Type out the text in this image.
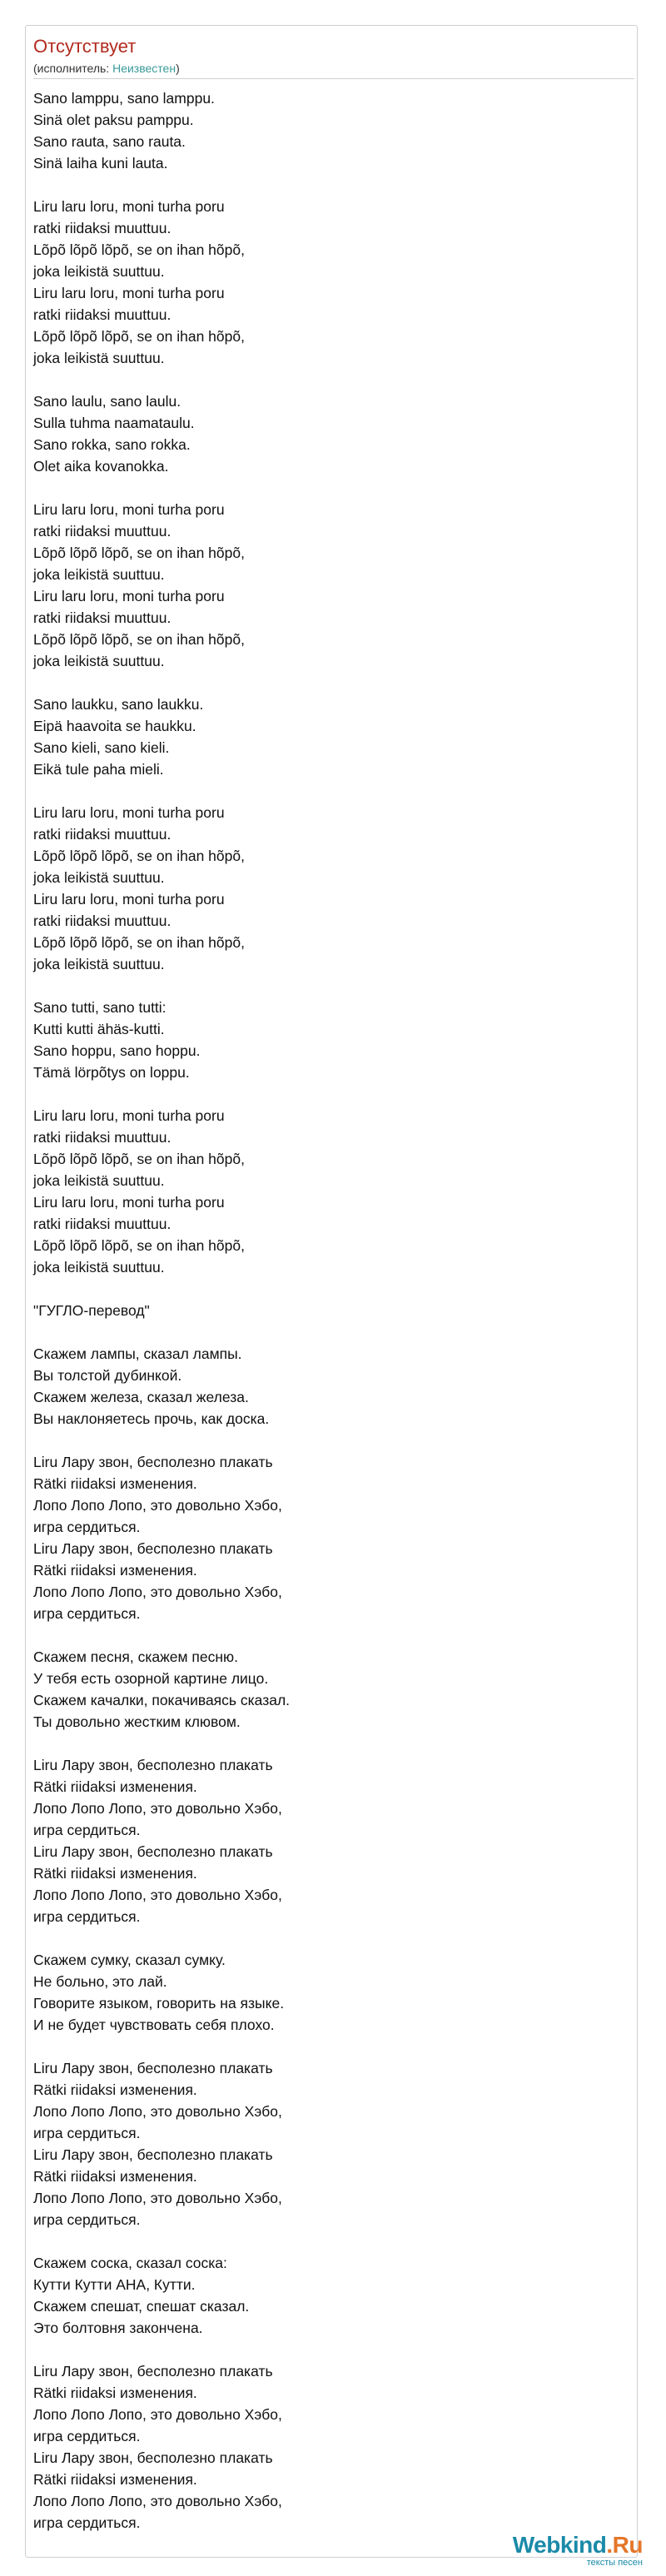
Отсутствует
(исполнитель: Неизвестен)
Sano lamppu, sano lamppu.
Sinä olet paksu pamppu.
Sano rauta, sano rauta.
Sinä laiha kuni lauta.
Liru laru loru, moni turha poru
ratki riidaksi muuttuu.
Lõpõ lõpõ lõpõ, se on ihan hõpõ,
joka leikistä suuttuu.
Liru laru loru, moni turha poru
ratki riidaksi muuttuu.
Lõpõ lõpõ lõpõ, se on ihan hõpõ,
joka leikistä suuttuu.
Sano laulu, sano laulu.
Sulla tuhma naamataulu.
Sano rokka, sano rokka.
Olet aika kovanokka.
Liru laru loru, moni turha poru
ratki riidaksi muuttuu.
Lõpõ lõpõ lõpõ, se on ihan hõpõ,
joka leikistä suuttuu.
Liru laru loru, moni turha poru
ratki riidaksi muuttuu.
Lõpõ lõpõ lõpõ, se on ihan hõpõ,
joka leikistä suuttuu.
Sano laukku, sano laukku.
Eipä haavoita se haukku.
Sano kieli, sano kieli.
Eikä tule paha mieli.
Liru laru loru, moni turha poru
ratki riidaksi muuttuu.
Lõpõ lõpõ lõpõ, se on ihan hõpõ,
joka leikistä suuttuu.
Liru laru loru, moni turha poru
ratki riidaksi muuttuu.
Lõpõ lõpõ lõpõ, se on ihan hõpõ,
joka leikistä suuttuu.
Sano tutti, sano tutti:
Kutti kutti ähäs-kutti.
Sano hoppu, sano hoppu.
Tämä lörpõtys on loppu.
Liru laru loru, moni turha poru
ratki riidaksi muuttuu.
Lõpõ lõpõ lõpõ, se on ihan hõpõ,
joka leikistä suuttuu.
Liru laru loru, moni turha poru
ratki riidaksi muuttuu.
Lõpõ lõpõ lõpõ, se on ihan hõpõ,
joka leikistä suuttuu.
"ГУГЛО-перевод"
Скажем лампы, сказал лампы.
Вы толстой дубинкой.
Скажем железа, сказал железа.
Вы наклоняетесь прочь, как доска.
Liru Лару звон, бесполезно плакать
Rätki riidaksi изменения.
Лопо Лопо Лопо, это довольно Хэбо,
игра сердиться.
Liru Лару звон, бесполезно плакать
Rätki riidaksi изменения.
Лопо Лопо Лопо, это довольно Хэбо,
игра сердиться.
Скажем песня, скажем песню.
У тебя есть озорной картине лицо.
Скажем качалки, покачиваясь сказал.
Ты довольно жестким клювом.
Liru Лару звон, бесполезно плакать
Rätki riidaksi изменения.
Лопо Лопо Лопо, это довольно Хэбо,
игра сердиться.
Liru Лару звон, бесполезно плакать
Rätki riidaksi изменения.
Лопо Лопо Лопо, это довольно Хэбо,
игра сердиться.
Скажем сумку, сказал сумку.
Не больно, это лай.
Говорите языком, говорить на языке.
И не будет чувствовать себя плохо.
Liru Лару звон, бесполезно плакать
Rätki riidaksi изменения.
Лопо Лопо Лопо, это довольно Хэбо,
игра сердиться.
Liru Лару звон, бесполезно плакать
Rätki riidaksi изменения.
Лопо Лопо Лопо, это довольно Хэбо,
игра сердиться.
Скажем соска, сказал соска:
Кутти Кутти АНА, Кутти.
Скажем спешат, спешат сказал.
Это болтовня закончена.
Liru Лару звон, бесполезно плакать
Rätki riidaksi изменения.
Лопо Лопо Лопо, это довольно Хэбо,
игра сердиться.
Liru Лару звон, бесполезно плакать
Rätki riidaksi изменения.
Лопо Лопо Лопо, это довольно Хэбо,
игра сердиться.
Webkind.Ru
тексты песен
